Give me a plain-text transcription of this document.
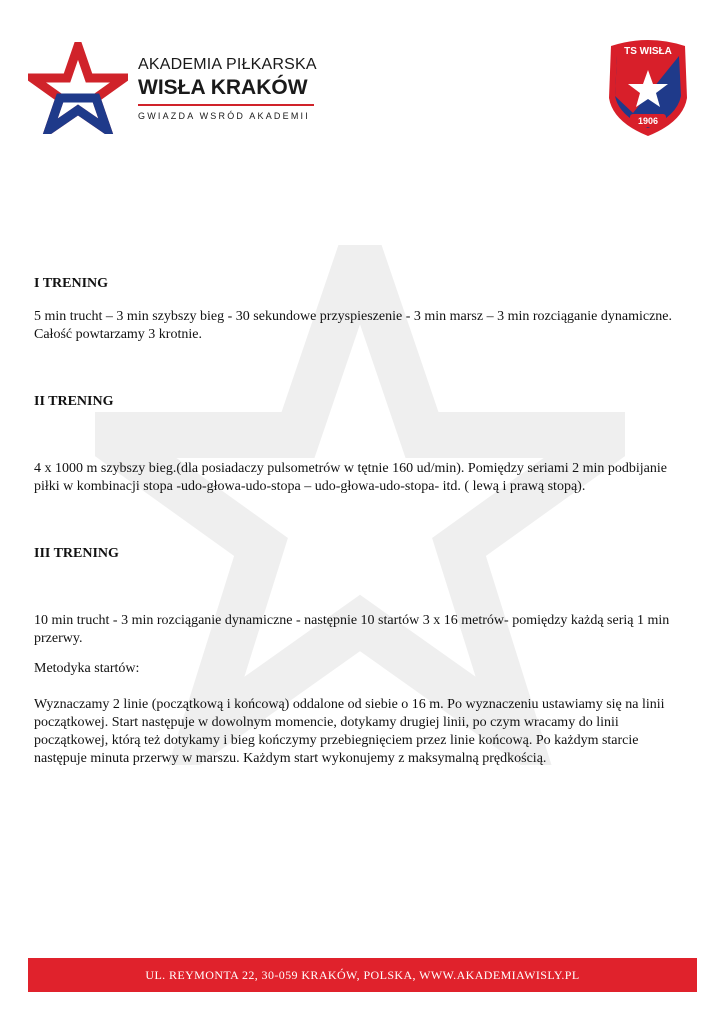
AKADEMIA PIŁKARSKA
WISŁA KRAKÓW
GWIAZDA WSRÓD AKADEMII
TS WISŁA
1906

I TRENING

5 min trucht – 3 min szybszy bieg - 30 sekundowe przyspieszenie - 3 min marsz – 3 min rozciąganie dynamiczne. Całość powtarzamy 3 krotnie.

II TRENING

4 x 1000 m szybszy bieg.(dla posiadaczy pulsometrów w tętnie 160 ud/min). Pomiędzy seriami 2 min podbijanie piłki w kombinacji stopa -udo-głowa-udo-stopa – udo-głowa-udo-stopa- itd. ( lewą i prawą stopą).

III TRENING

10 min trucht - 3 min rozciąganie dynamiczne - następnie 10 startów 3 x 16 metrów- pomiędzy każdą serią 1 min przerwy.

Metodyka startów:

Wyznaczamy 2 linie (początkową i końcową) oddalone od siebie o 16 m. Po wyznaczeniu ustawiamy się na linii początkowej. Start następuje w dowolnym momencie, dotykamy drugiej linii, po czym wracamy do linii początkowej, którą też dotykamy i bieg kończymy przebiegnięciem przez linie końcową. Po każdym starcie następuje minuta przerwy w marszu. Każdym start wykonujemy z maksymalną prędkością.

UL. REYMONTA 22, 30-059 KRAKÓW, POLSKA, WWW.AKADEMIAWISLY.PL
